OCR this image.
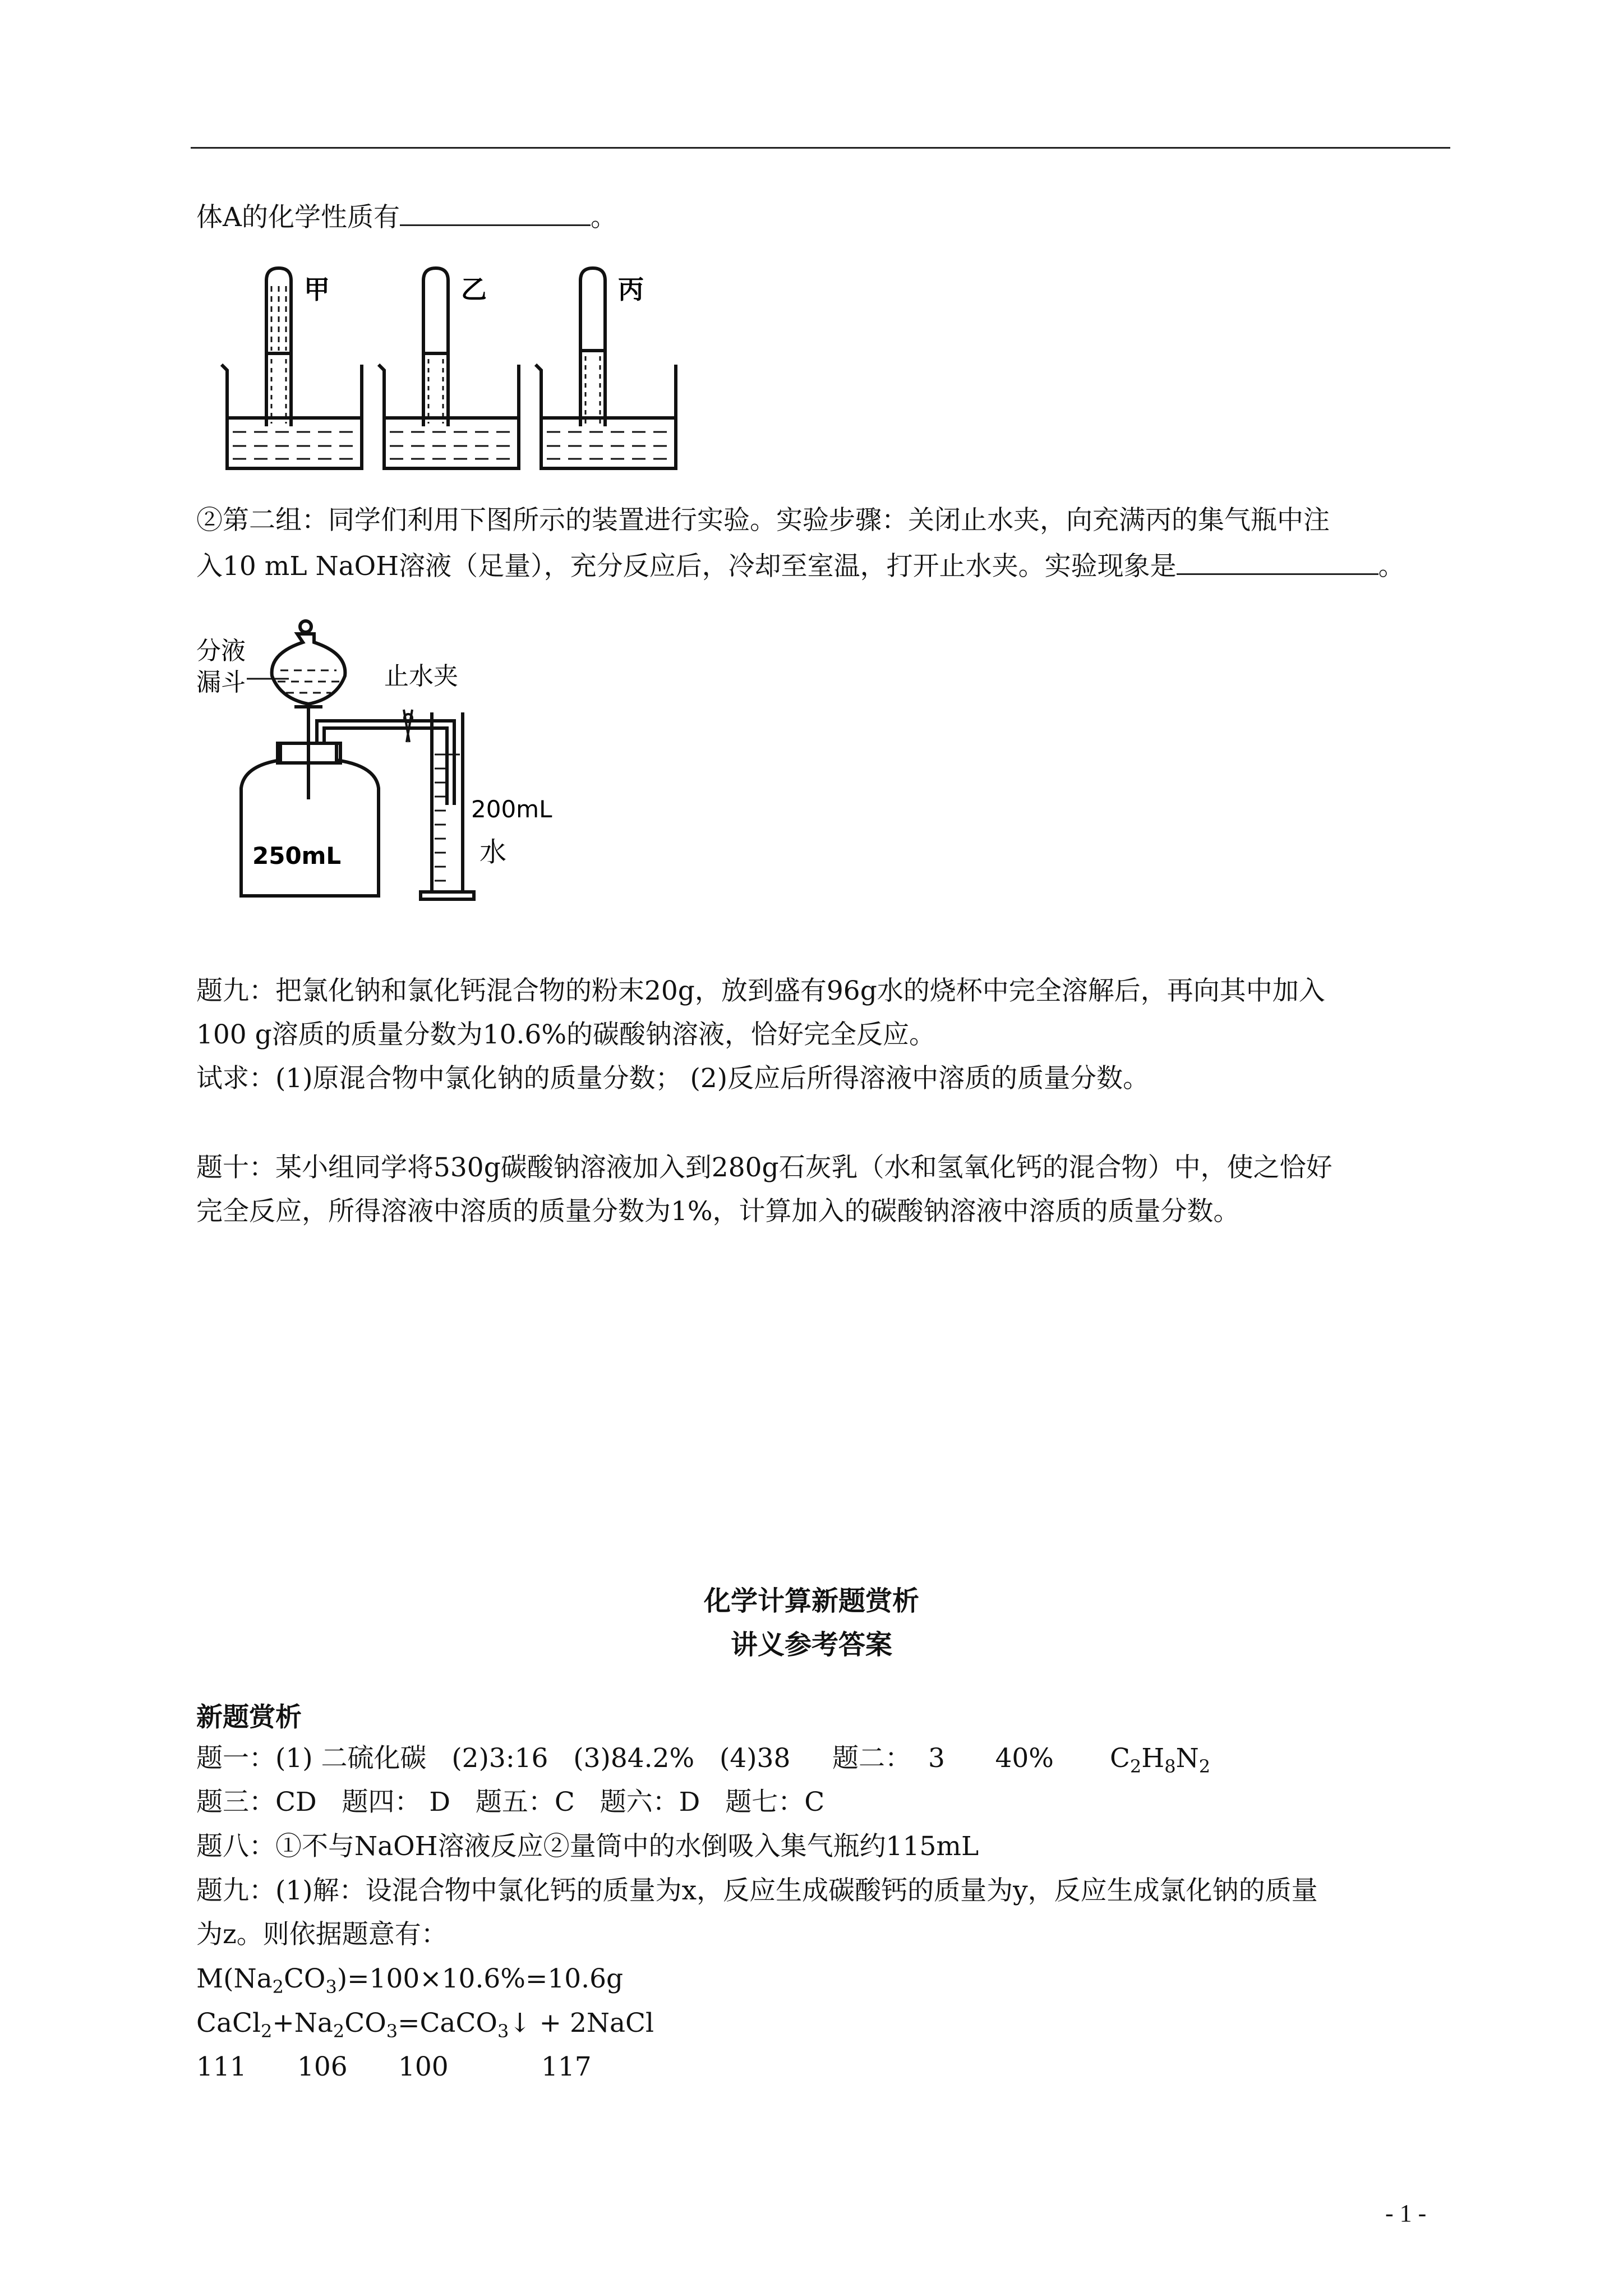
体A的化学性质有	。
甲	乙	丙
②第二组：同学们利用下图所示的装置进行实验。实验步骤：关闭止水夹，向充满丙的集气瓶中注
入10 mL NaOH溶液（足量），充分反应后，冷却至室温，打开止水夹。实验现象是	。
分液
漏斗	止水夹
250mL
200mL
水
题九：把氯化钠和氯化钙混合物的粉末20g，放到盛有96g水的烧杯中完全溶解后，再向其中加入
100 g溶质的质量分数为10.6%的碳酸钠溶液，恰好完全反应。
试求：(1)原混合物中氯化钠的质量分数； (2)反应后所得溶液中溶质的质量分数。
题十：某小组同学将530g碳酸钠溶液加入到280g石灰乳（水和氢氧化钙的混合物）中，使之恰好
完全反应，所得溶液中溶质的质量分数为1%，计算加入的碳酸钠溶液中溶质的质量分数。
化学计算新题赏析
讲义参考答案
新题赏析
题一：(1) 二硫化碳   (2)3:16   (3)84.2%   (4)38     题二：  3      40% $C_2H_8N_2$
题三：CD   题四： D   题五：C   题六：D   题七：C
题八：①不与NaOH溶液反应②量筒中的水倒吸入集气瓶约115mL
题九：(1)解：设混合物中氯化钙的质量为x，反应生成碳酸钙的质量为y，反应生成氯化钠的质量
为z。则依据题意有：
$M(Na_2CO_3)=100\times 10.6\%=10.6g$
$CaCl_2+Na_2CO_3=CaCO_3↓$ + 2NaCl
111 106 100	117
- 1 -
